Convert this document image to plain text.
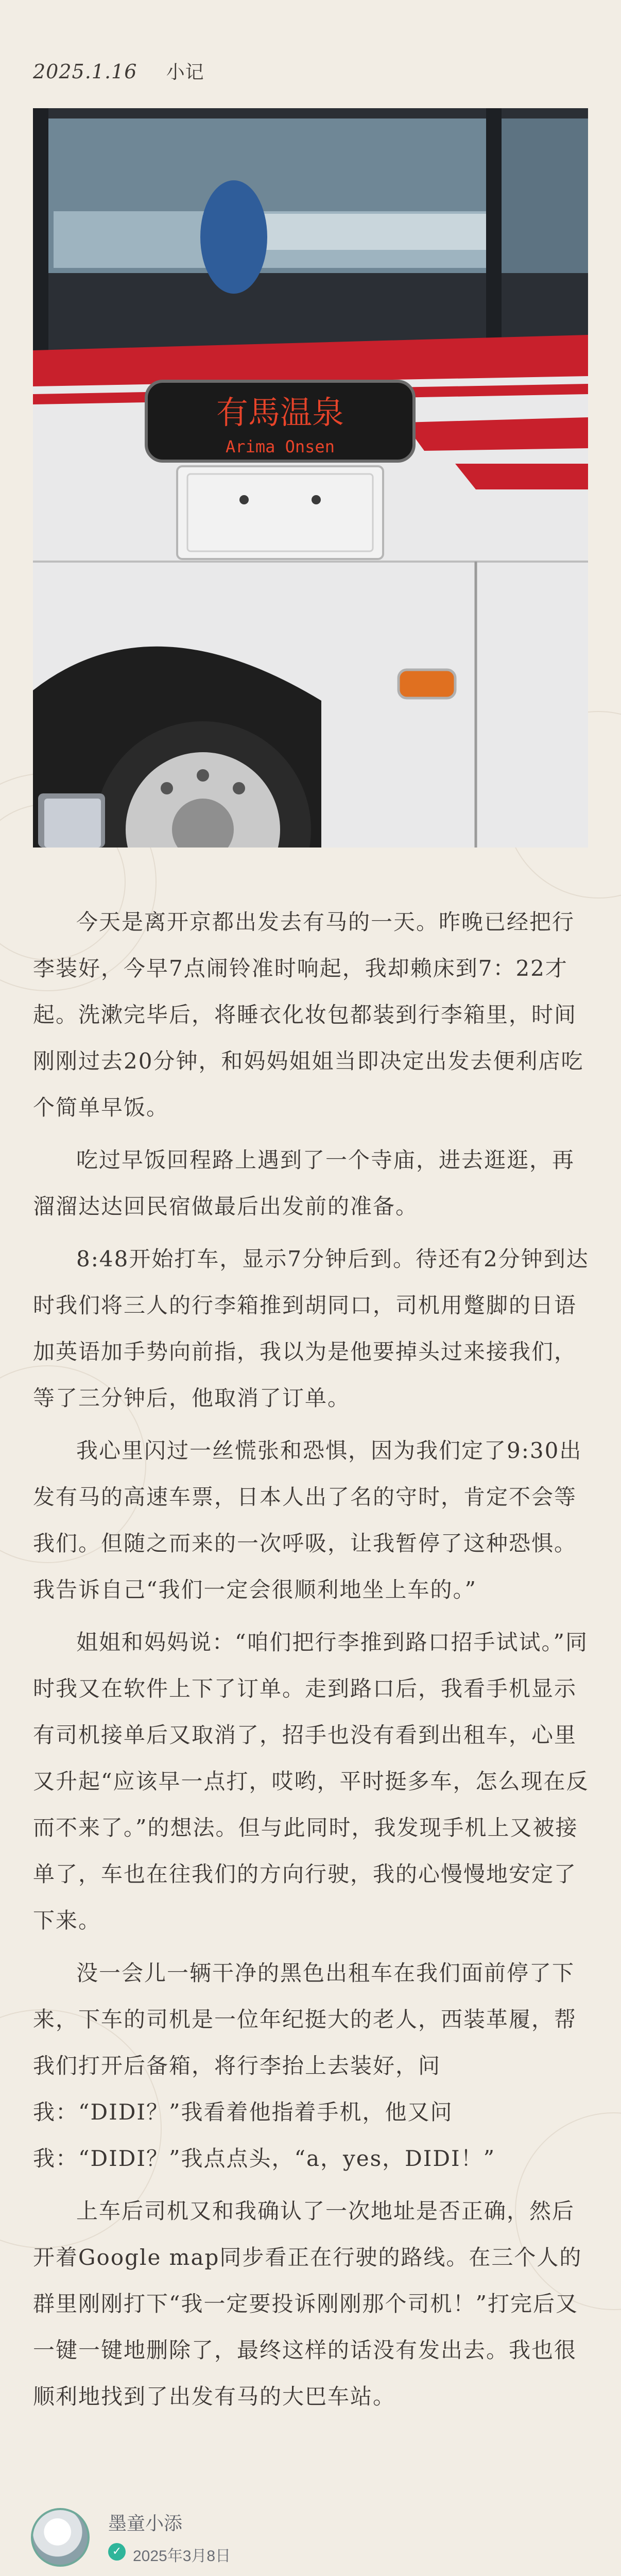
2025.1.16 小记
有馬温泉
Arima Onsen

今天是离开京都出发去有马的一天。昨晚已经把行李装好，今早7点闹铃准时响起，我却赖床到7：22才起。洗漱完毕后，将睡衣化妆包都装到行李箱里，时间刚刚过去20分钟，和妈妈姐姐当即决定出发去便利店吃个简单早饭。

吃过早饭回程路上遇到了一个寺庙，进去逛逛，再溜溜达达回民宿做最后出发前的准备。

8:48开始打车，显示7分钟后到。待还有2分钟到达时我们将三人的行李箱推到胡同口，司机用蹩脚的日语加英语加手势向前指，我以为是他要掉头过来接我们，等了三分钟后，他取消了订单。

我心里闪过一丝慌张和恐惧，因为我们定了9:30出发有马的高速车票，日本人出了名的守时，肯定不会等我们。但随之而来的一次呼吸，让我暂停了这种恐惧。我告诉自己“我们一定会很顺利地坐上车的。”

姐姐和妈妈说：“咱们把行李推到路口招手试试。”同时我又在软件上下了订单。走到路口后，我看手机显示有司机接单后又取消了，招手也没有看到出租车，心里又升起“应该早一点打，哎哟，平时挺多车，怎么现在反而不来了。”的想法。但与此同时，我发现手机上又被接单了，车也在往我们的方向行驶，我的心慢慢地安定了下来。

没一会儿一辆干净的黑色出租车在我们面前停了下来，下车的司机是一位年纪挺大的老人，西装革履，帮我们打开后备箱，将行李抬上去装好，问我：“DIDI？”我看着他指着手机，他又问我：“DIDI？”我点点头，“a，yes，DIDI！”

上车后司机又和我确认了一次地址是否正确，然后开着Google map同步看正在行驶的路线。在三个人的群里刚刚打下“我一定要投诉刚刚那个司机！”打完后又一键一键地删除了，最终这样的话没有发出去。我也很顺利地找到了出发有马的大巴车站。

墨童小添
✓ 2025年3月8日
